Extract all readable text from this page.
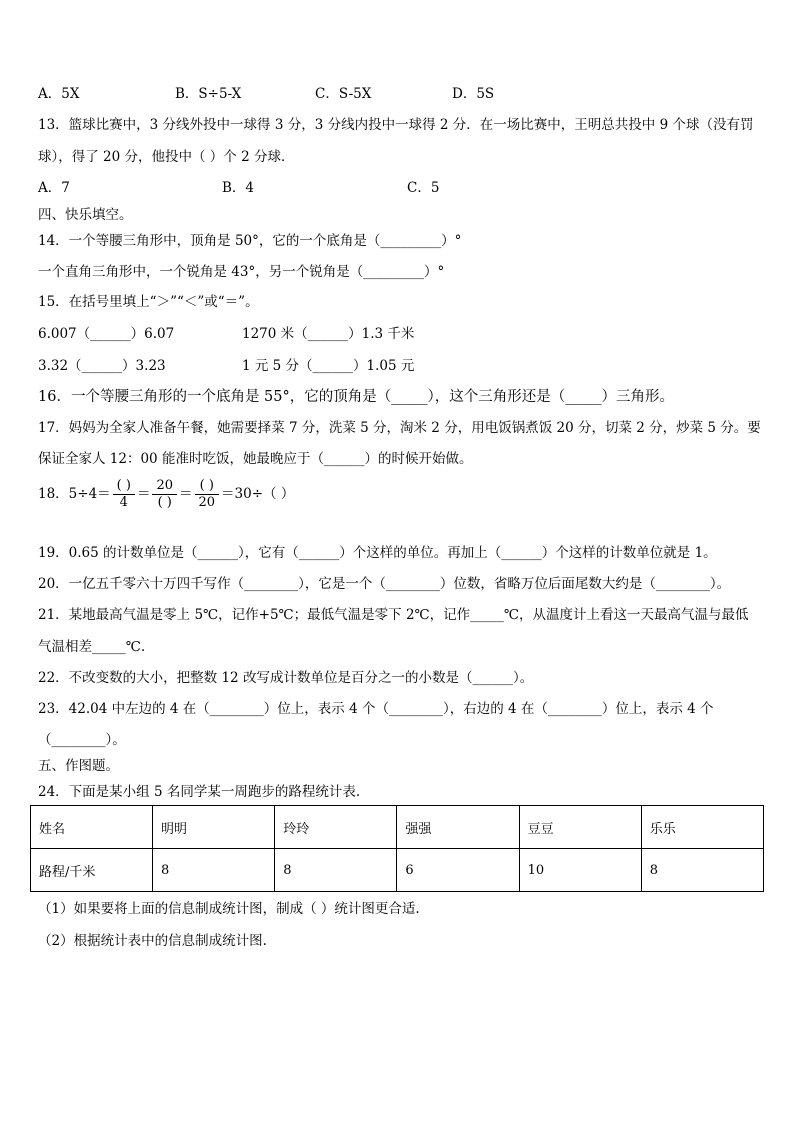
A．5X	B．S÷5-X	C．S-5X	D．5S
13．篮球比赛中，3 分线外投中一球得 3 分，3 分线内投中一球得 2 分．在一场比赛中，王明总共投中 9 个球（没有罚
球），得了 20 分，他投中（ ）个 2 分球．
A．7	B．4	C．5
四、快乐填空。
14．一个等腰三角形中，顶角是 50°，它的一个底角是（_________）°
一个直角三角形中，一个锐角是 43°，另一个锐角是（_________）°
15．在括号里填上“＞”“＜”或“＝”。
6.007（______）6.07	1270 米（______）1.3 千米
3.32（______）3.23	1 元 5 分（______）1.05 元
16．一个等腰三角形的一个底角是 55°，它的顶角是（_____），这个三角形还是（_____）三角形。
17．妈妈为全家人准备午餐，她需要择菜 7 分，洗菜 5 分，淘米 2 分，用电饭锅煮饭 20 分，切菜 2 分，炒菜 5 分。要
保证全家人 12：00 能准时吃饭，她最晚应于（______）的时候开始做。
18．$5\div 4= \frac{( )}{4} = \frac{20}{( )} = \frac{( )}{20} =30\div$（ ）
19．0.65 的计数单位是（______），它有（______）个这样的单位。再加上（______）个这样的计数单位就是 1。
20．一亿五千零六十万四千写作（________），它是一个（________）位数，省略万位后面尾数大约是（________）。
21．某地最高气温是零上 5℃，记作+5℃；最低气温是零下 2℃，记作_____℃，从温度计上看这一天最高气温与最低
气温相差_____℃.
22．不改变数的大小，把整数 12 改写成计数单位是百分之一的小数是（______）。
23．42.04 中左边的 4 在（________）位上，表示 4 个（________），右边的 4 在（________）位上，表示 4 个
（________）。
五、作图题。
24．下面是某小组 5 名同学某一周跑步的路程统计表.
姓名	明明	玲玲	强强	豆豆	乐乐
路程/千米	8	8	6	10	8
（1）如果要将上面的信息制成统计图，制成（ ）统计图更合适.
（2）根据统计表中的信息制成统计图.
